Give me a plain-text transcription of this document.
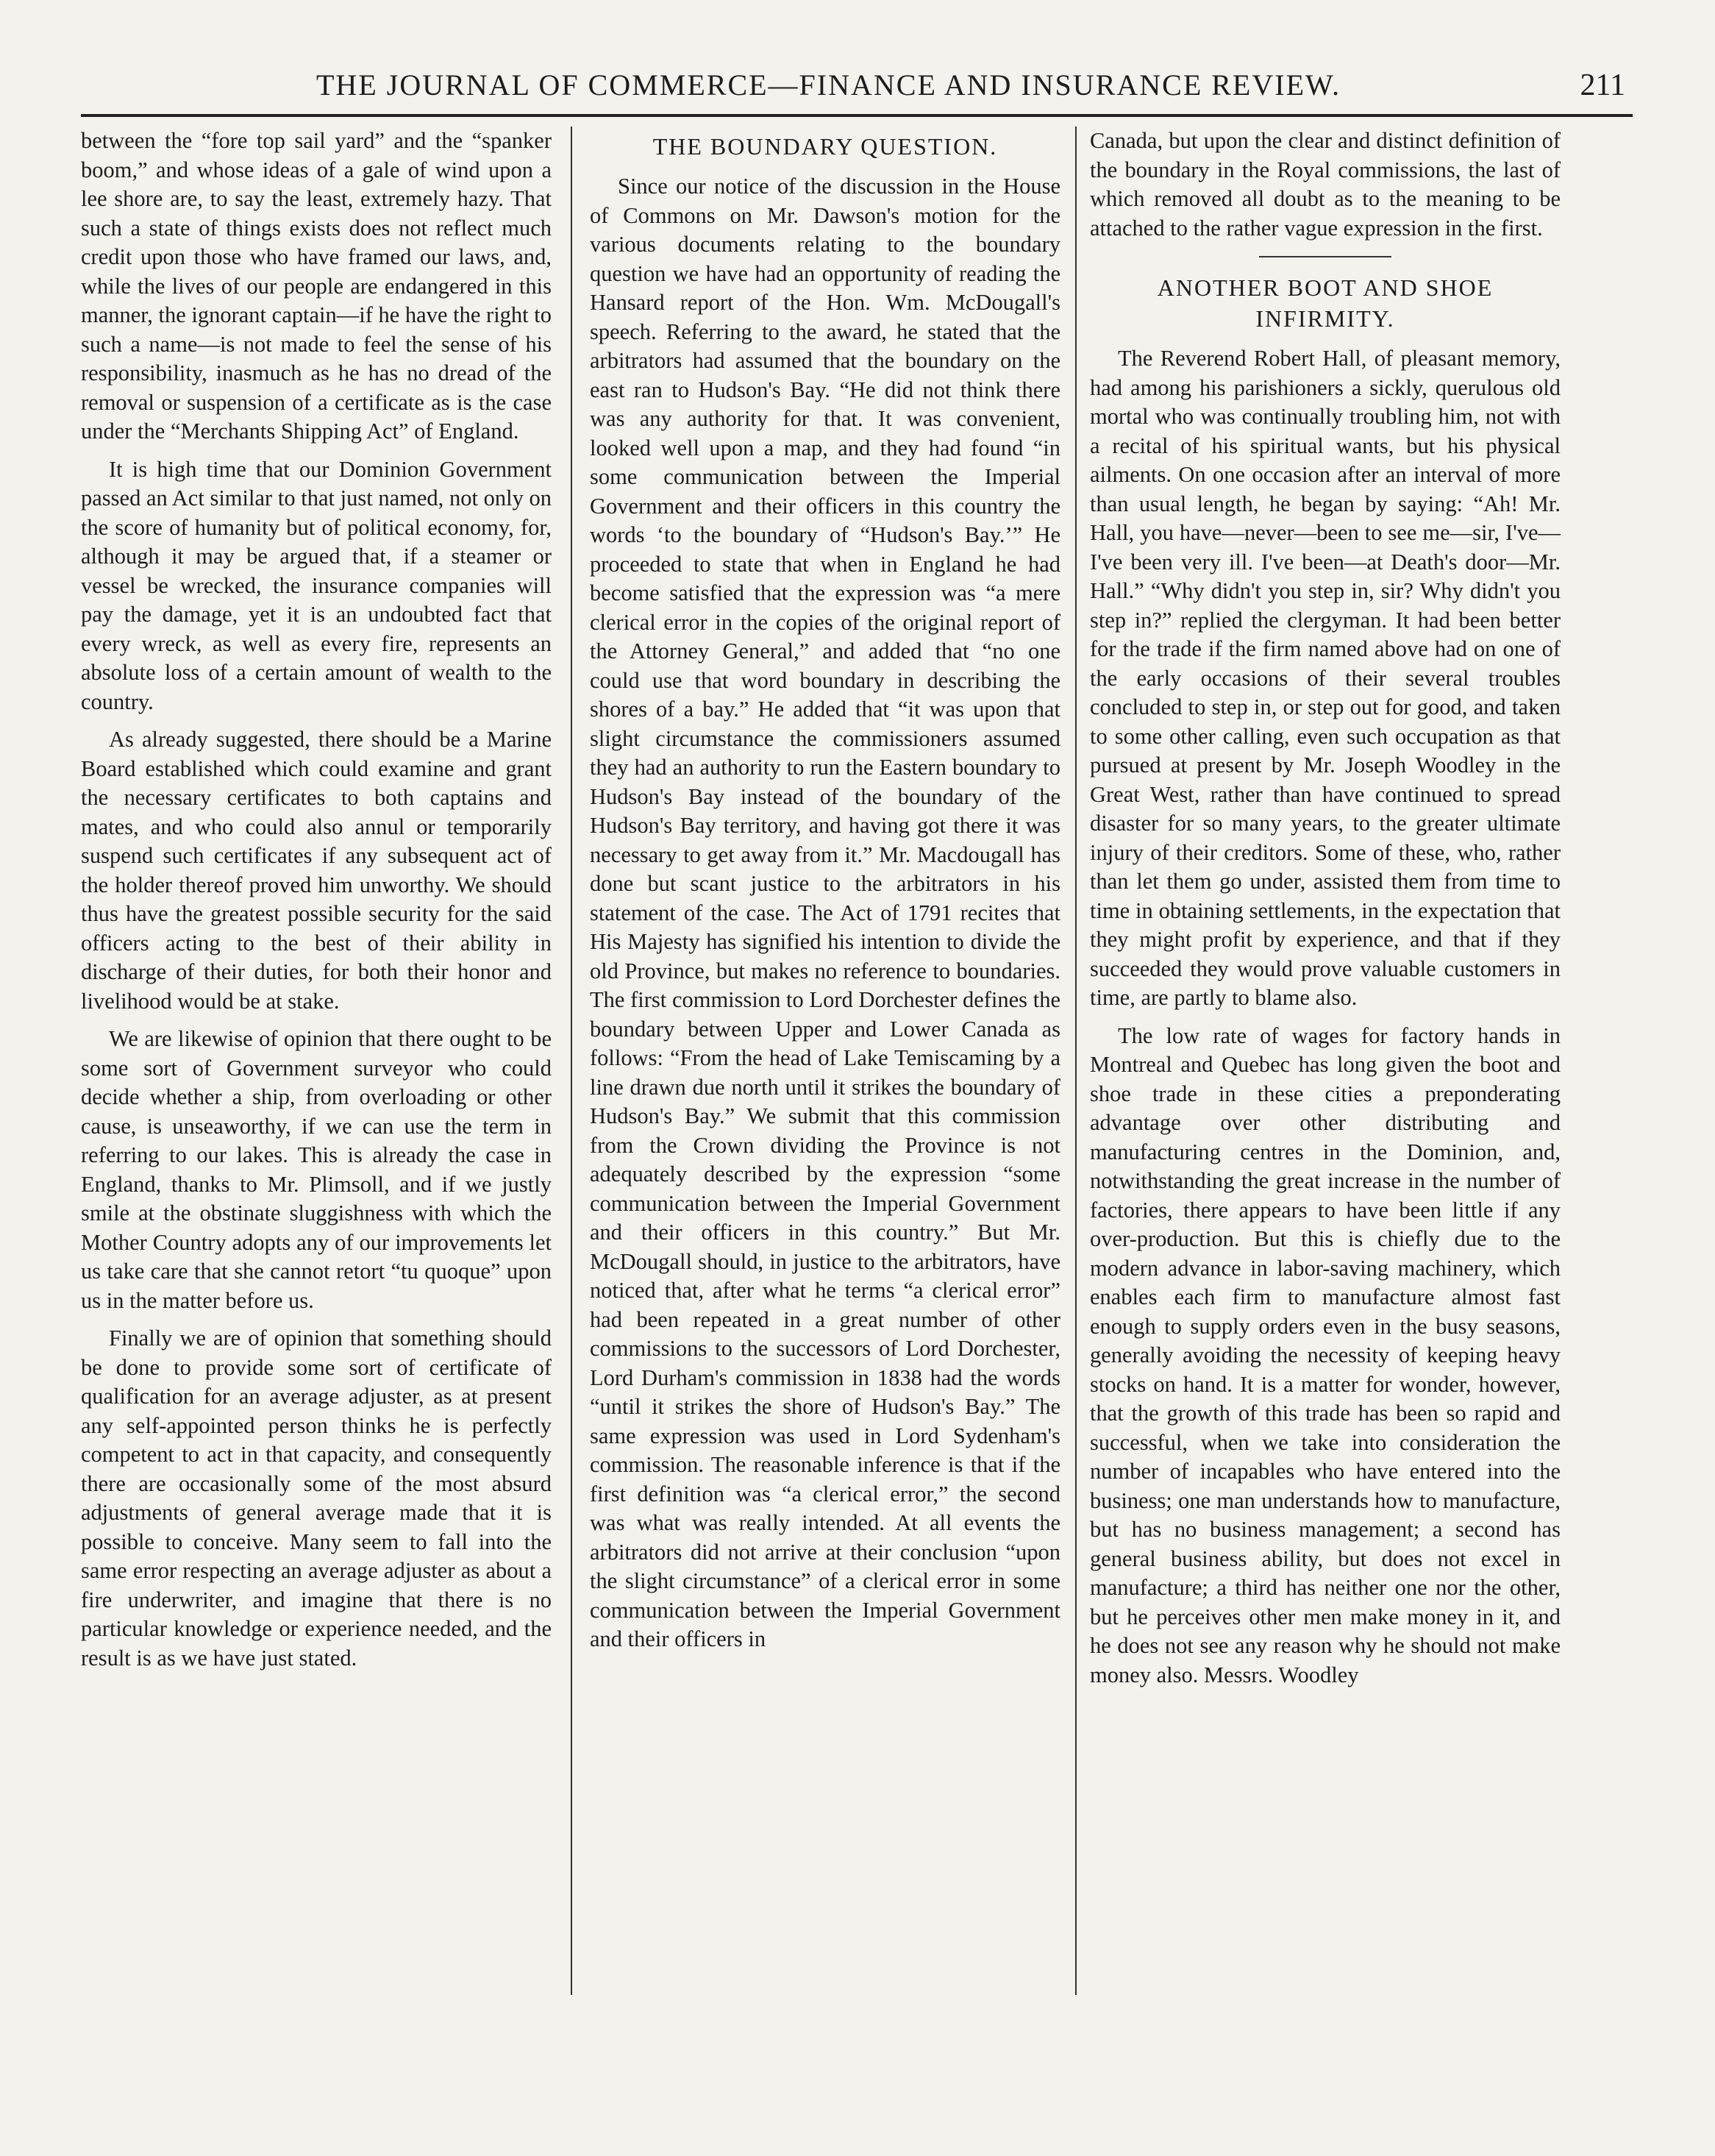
THE JOURNAL OF COMMERCE—FINANCE AND INSURANCE REVIEW.	211

between the “fore top sail yard” and the “spanker boom,” and whose ideas of a gale of wind upon a lee shore are, to say the least, extremely hazy. That such a state of things exists does not reflect much credit upon those who have framed our laws, and, while the lives of our people are endangered in this manner, the ignorant captain—if he have the right to such a name—is not made to feel the sense of his responsibility, inasmuch as he has no dread of the removal or suspension of a certificate as is the case under the “Merchants Shipping Act” of England.

It is high time that our Dominion Government passed an Act similar to that just named, not only on the score of humanity but of political economy, for, although it may be argued that, if a steamer or vessel be wrecked, the insurance companies will pay the damage, yet it is an undoubted fact that every wreck, as well as every fire, represents an absolute loss of a certain amount of wealth to the country.

As already suggested, there should be a Marine Board established which could examine and grant the necessary certificates to both captains and mates, and who could also annul or temporarily suspend such certificates if any subsequent act of the holder thereof proved him unworthy. We should thus have the greatest possible security for the said officers acting to the best of their ability in discharge of their duties, for both their honor and livelihood would be at stake.

We are likewise of opinion that there ought to be some sort of Government surveyor who could decide whether a ship, from overloading or other cause, is unseaworthy, if we can use the term in referring to our lakes. This is already the case in England, thanks to Mr. Plimsoll, and if we justly smile at the obstinate sluggishness with which the Mother Country adopts any of our improvements let us take care that she cannot retort “tu quoque” upon us in the matter before us.

Finally we are of opinion that something should be done to provide some sort of certificate of qualification for an average adjuster, as at present any self-appointed person thinks he is perfectly competent to act in that capacity, and consequently there are occasionally some of the most absurd adjustments of general average made that it is possible to conceive. Many seem to fall into the same error respecting an average adjuster as about a fire underwriter, and imagine that there is no particular knowledge or experience needed, and the result is as we have just stated.

THE BOUNDARY QUESTION.

Since our notice of the discussion in the House of Commons on Mr. Dawson's motion for the various documents relating to the boundary question we have had an opportunity of reading the Hansard report of the Hon. Wm. McDougall's speech. Referring to the award, he stated that the arbitrators had assumed that the boundary on the east ran to Hudson's Bay. “He did not think there was any authority for that. It was convenient, looked well upon a map, and they had found “in some communication between the Imperial Government and their officers in this country the words ‘to the boundary of “Hudson's Bay.’” He proceeded to state that when in England he had become satisfied that the expression was “a mere clerical error in the copies of the original report of the Attorney General,” and added that “no one could use that word boundary in describing the shores of a bay.” He added that “it was upon that slight circumstance the commissioners assumed they had an authority to run the Eastern boundary to Hudson's Bay instead of the boundary of the Hudson's Bay territory, and having got there it was necessary to get away from it.” Mr. Macdougall has done but scant justice to the arbitrators in his statement of the case. The Act of 1791 recites that His Majesty has signified his intention to divide the old Province, but makes no reference to boundaries. The first commission to Lord Dorchester defines the boundary between Upper and Lower Canada as follows: “From the head of Lake Temiscaming by a line drawn due north until it strikes the boundary of Hudson's Bay.” We submit that this commission from the Crown dividing the Province is not adequately described by the expression “some communication between the Imperial Government and their officers in this country.” But Mr. McDougall should, in justice to the arbitrators, have noticed that, after what he terms “a clerical error” had been repeated in a great number of other commissions to the successors of Lord Dorchester, Lord Durham's commission in 1838 had the words “until it strikes the shore of Hudson's Bay.” The same expression was used in Lord Sydenham's commission. The reasonable inference is that if the first definition was “a clerical error,” the second was what was really intended. At all events the arbitrators did not arrive at their conclusion “upon the slight circumstance” of a clerical error in some communication between the Imperial Government and their officers in

Canada, but upon the clear and distinct definition of the boundary in the Royal commissions, the last of which removed all doubt as to the meaning to be attached to the rather vague expression in the first.

ANOTHER BOOT AND SHOE INFIRMITY.

The Reverend Robert Hall, of pleasant memory, had among his parishioners a sickly, querulous old mortal who was continually troubling him, not with a recital of his spiritual wants, but his physical ailments. On one occasion after an interval of more than usual length, he began by saying: “Ah! Mr. Hall, you have—never—been to see me—sir, I've—I've been very ill. I've been—at Death's door—Mr. Hall.” “Why didn't you step in, sir? Why didn't you step in?” replied the clergyman. It had been better for the trade if the firm named above had on one of the early occasions of their several troubles concluded to step in, or step out for good, and taken to some other calling, even such occupation as that pursued at present by Mr. Joseph Woodley in the Great West, rather than have continued to spread disaster for so many years, to the greater ultimate injury of their creditors. Some of these, who, rather than let them go under, assisted them from time to time in obtaining settlements, in the expectation that they might profit by experience, and that if they succeeded they would prove valuable customers in time, are partly to blame also.

The low rate of wages for factory hands in Montreal and Quebec has long given the boot and shoe trade in these cities a preponderating advantage over other distributing and manufacturing centres in the Dominion, and, notwithstanding the great increase in the number of factories, there appears to have been little if any over-production. But this is chiefly due to the modern advance in labor-saving machinery, which enables each firm to manufacture almost fast enough to supply orders even in the busy seasons, generally avoiding the necessity of keeping heavy stocks on hand. It is a matter for wonder, however, that the growth of this trade has been so rapid and successful, when we take into consideration the number of incapables who have entered into the business; one man understands how to manufacture, but has no business management; a second has general business ability, but does not excel in manufacture; a third has neither one nor the other, but he perceives other men make money in it, and he does not see any reason why he should not make money also. Messrs. Woodley
